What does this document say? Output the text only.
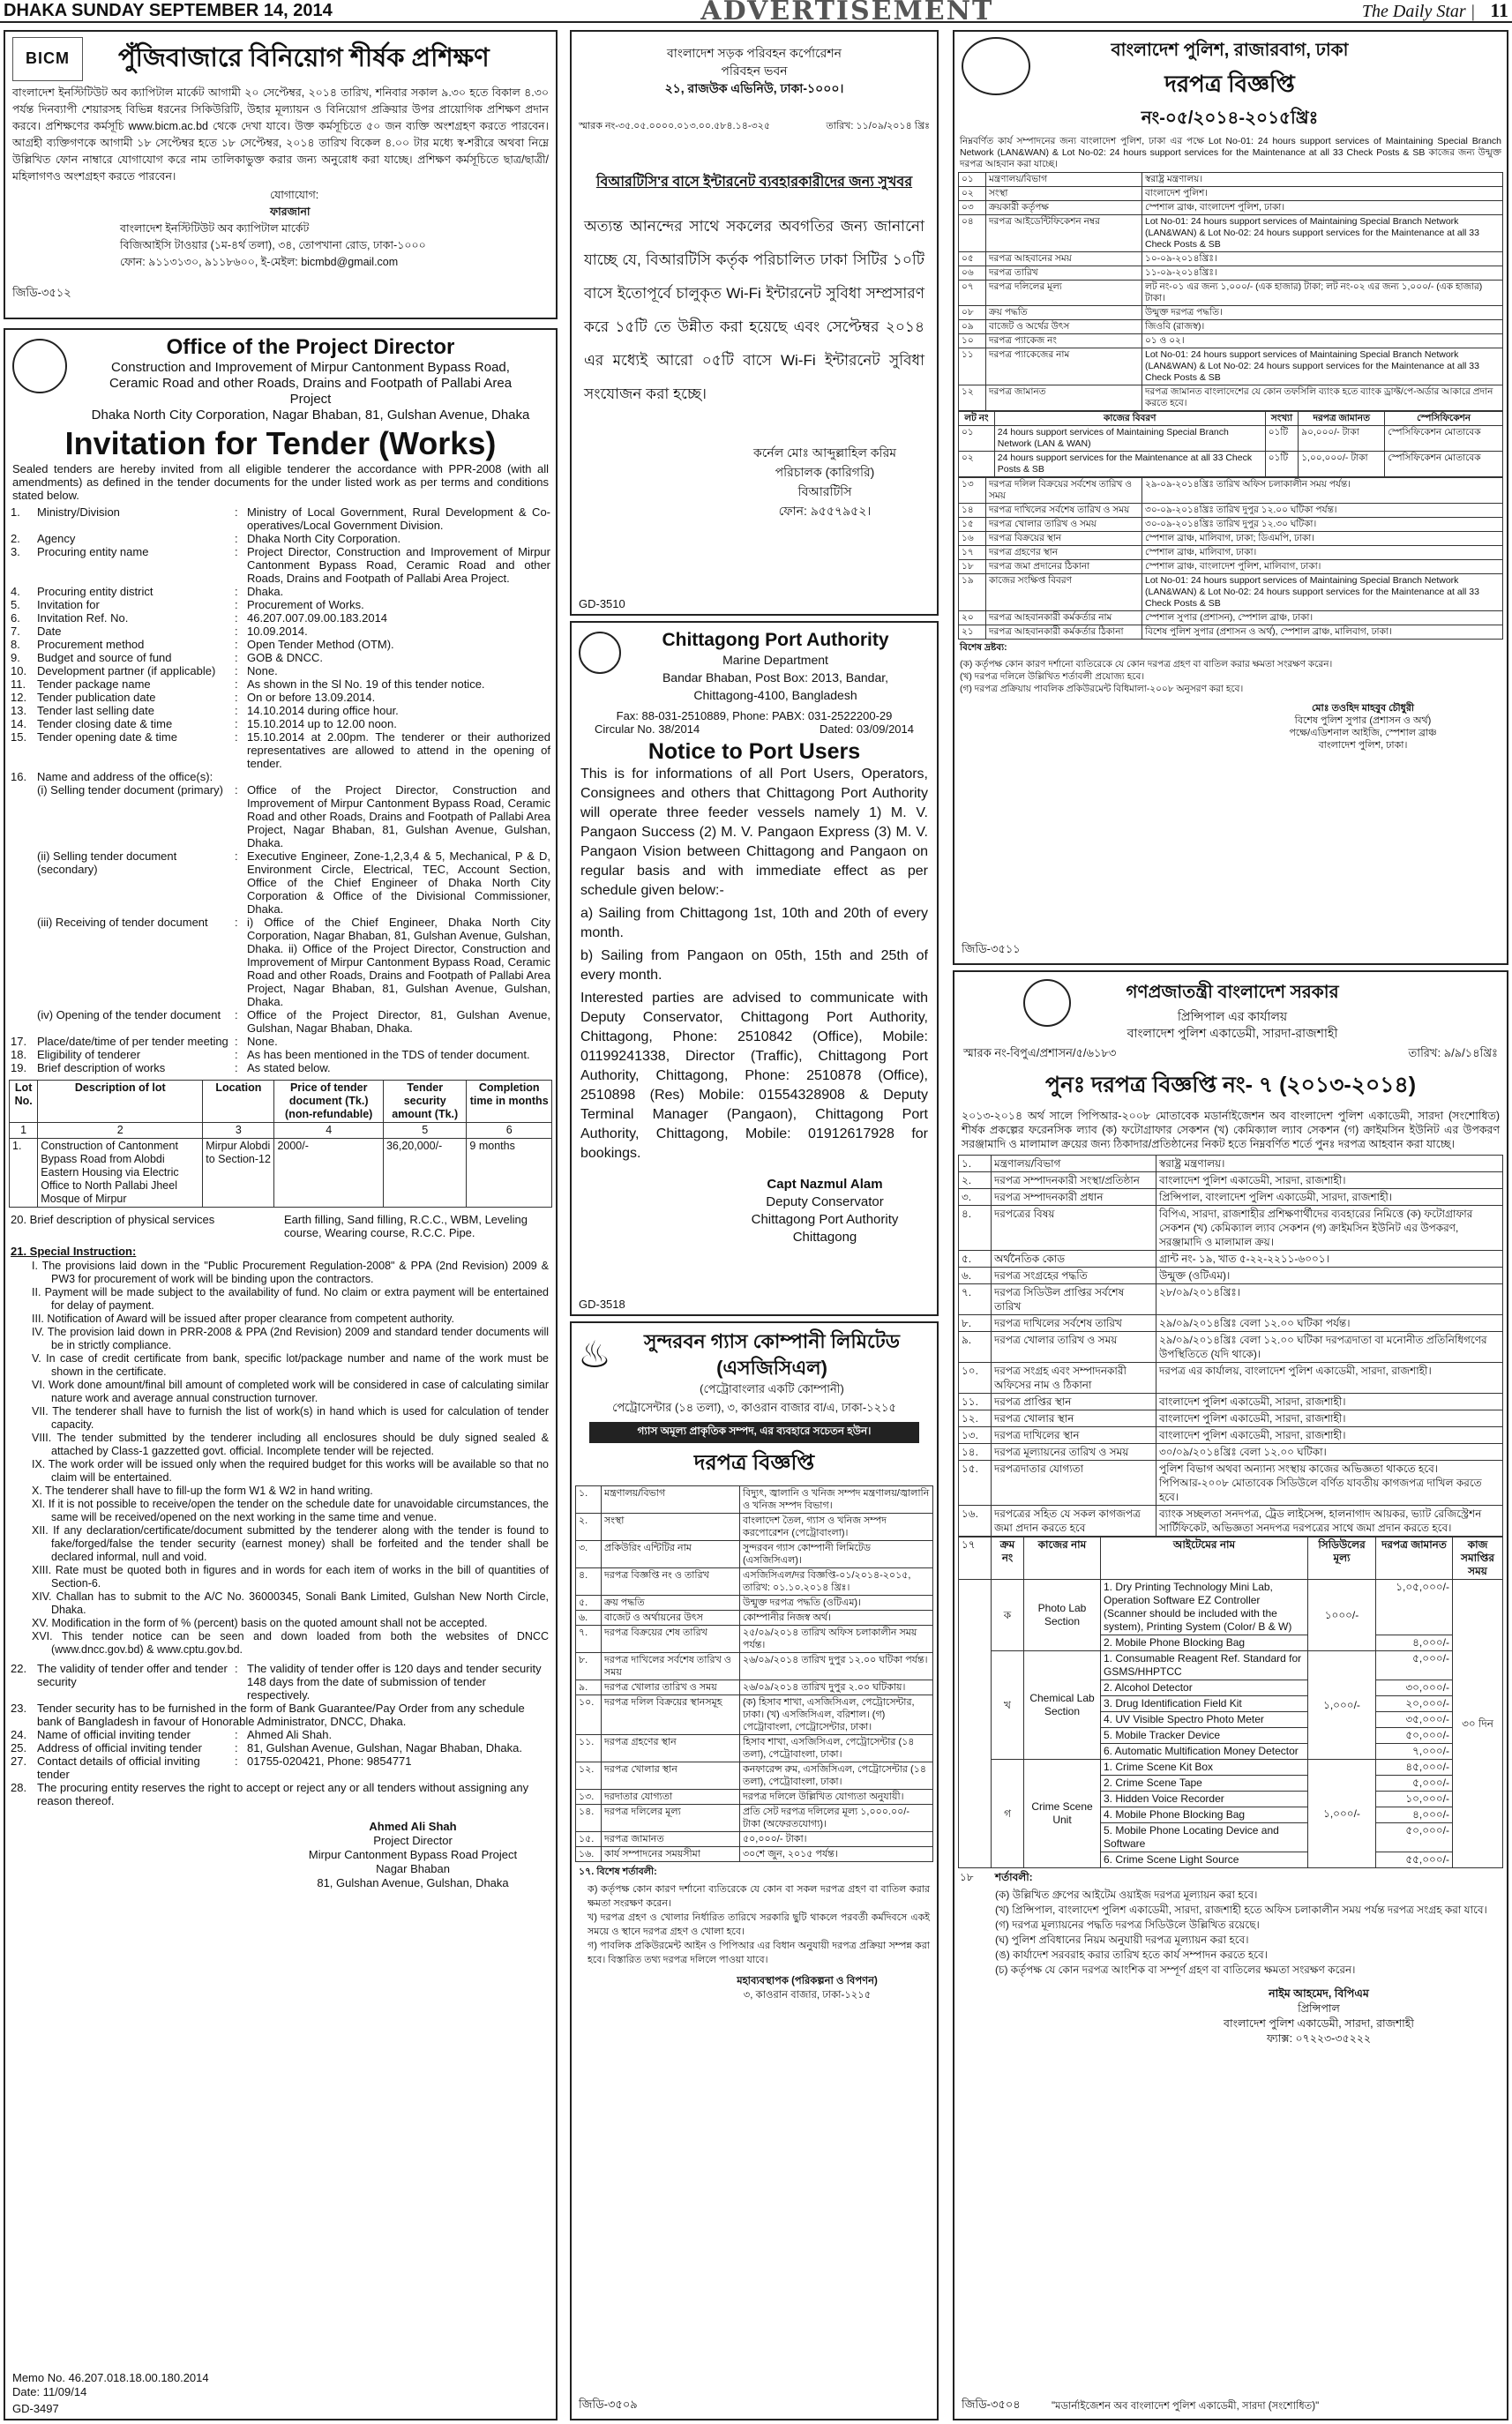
DHAKA SUNDAY SEPTEMBER 14, 2014	ADVERTISEMENT	The Daily Star | 11
BICM	পুঁজিবাজারে বিনিয়োগ শীর্ষক প্রশিক্ষণ
বাংলাদেশ ইনস্টিটিউট অব ক্যাপিটাল মার্কেট আগামী ২০ সেপ্টেম্বর, ২০১৪ তারিখ, শনিবার সকাল ৯.৩০ হতে বিকাল ৪.৩০ পর্যন্ত দিনব্যাপী শেয়ারসহ বিভিন্ন ধরনের সিকিউরিটি, উহার মূল্যায়ন ও বিনিয়োগ প্রক্রিয়ার উপর প্রায়োগিক প্রশিক্ষণ প্রদান করবে। প্রশিক্ষণের কর্মসূচি www.bicm.ac.bd থেকে দেখা যাবে। উক্ত কর্মসূচিতে ৫০ জন ব্যক্তি অংশগ্রহণ করতে পারবেন। আগ্রহী ব্যক্তিগণকে আগামী ১৮ সেপ্টেম্বর হতে ১৮ সেপ্টেম্বর, ২০১৪ তারিখ বিকেল ৪.০০ টার মধ্যে স্ব-শরীরে অথবা নিম্নে উল্লিখিত ফোন নাম্বারে যোগাযোগ করে নাম তালিকাভুক্ত করার জন্য অনুরোধ করা যাচ্ছে। প্রশিক্ষণ কর্মসূচিতে ছাত্র/ছাত্রী/মহিলাগণও অংশগ্রহণ করতে পারবেন।
যোগাযোগ:
ফারজানা
বাংলাদেশ ইনস্টিটিউট অব ক্যাপিটাল মার্কেট
বিজিআইসি টাওয়ার (১ম-৪র্থ তলা), ৩৪, তোপখানা রোড, ঢাকা-১০০০
ফোন: ৯১১৩১৩০, ৯১১৮৬০০, ই-মেইল: bicmbd@gmail.com
জিডি-৩৫১২
Office of the Project Director
Construction and Improvement of Mirpur Cantonment Bypass Road, Ceramic Road and other Roads, Drains and Footpath of Pallabi Area Project
Dhaka North City Corporation, Nagar Bhaban, 81, Gulshan Avenue, Dhaka
Invitation for Tender (Works)
Sealed tenders are hereby invited from all eligible tenderer the accordance with PPR-2008 (with all amendments) as defined in the tender documents for the under listed work as per terms and conditions stated below.
1.	Ministry/Division	:	Ministry of Local Government, Rural Development & Co-operatives/Local Government Division.
2.	Agency	:	Dhaka North City Corporation.
3.	Procuring entity name	:	Project Director, Construction and Improvement of Mirpur Cantonment Bypass Road, Ceramic Road and other Roads, Drains and Footpath of Pallabi Area Project.
4.	Procuring entity district	:	Dhaka.
5.	Invitation for	:	Procurement of Works.
6.	Invitation Ref. No.	:	46.207.007.09.00.183.2014
7.	Date	:	10.09.2014.
8.	Procurement method	:	Open Tender Method (OTM).
9.	Budget and source of fund	:	GOB & DNCC.
10.	Development partner (if applicable)	:	None.
11.	Tender package name	:	As shown in the Sl No. 19 of this tender notice.
12.	Tender publication date	:	On or before 13.09.2014.
13.	Tender last selling date	:	14.10.2014 during office hour.
14.	Tender closing date & time	:	15.10.2014 up to 12.00 noon.
15.	Tender opening date & time	:	15.10.2014 at 2.00pm. The tenderer or their authorized representatives are allowed to attend in the opening of tender.
16.	Name and address of the office(s):		
	(i) Selling tender document (primary)	:	Office of the Project Director, Construction and Improvement of Mirpur Cantonment Bypass Road, Ceramic Road and other Roads, Drains and Footpath of Pallabi Area Project, Nagar Bhaban, 81, Gulshan Avenue, Gulshan, Dhaka.
	(ii) Selling tender document (secondary)	:	Executive Engineer, Zone-1,2,3,4 & 5, Mechanical, P & D, Environment Circle, Electrical, TEC, Account Section, Office of the Chief Engineer of Dhaka North City Corporation & Office of the Divisional Commissioner, Dhaka.
	(iii) Receiving of tender document	:	i) Office of the Chief Engineer, Dhaka North City Corporation, Nagar Bhaban, 81, Gulshan Avenue, Gulshan, Dhaka. ii) Office of the Project Director, Construction and Improvement of Mirpur Cantonment Bypass Road, Ceramic Road and other Roads, Drains and Footpath of Pallabi Area Project, Nagar Bhaban, 81, Gulshan Avenue, Gulshan, Dhaka.
	(iv) Opening of the tender document	:	Office of the Project Director, 81, Gulshan Avenue, Gulshan, Nagar Bhaban, Dhaka.
17.	Place/date/time of per tender meeting	:	None.
18.	Eligibility of tenderer	:	As has been mentioned in the TDS of tender document.
19.	Brief description of works	:	As stated below.
Lot No.	Description of lot	Location	Price of tender document (Tk.) (non-refundable)	Tender security amount (Tk.)	Completion time in months
1	2	3	4	5	6
1.	Construction of Cantonment Bypass Road from Alobdi Eastern Housing via Electric Office to North Pallabi Jheel Mosque of Mirpur	Mirpur Alobdi to Section-12	2000/-	36,20,000/-	9 months
20. Brief description of physical services	Earth filling, Sand filling, R.C.C., WBM, Leveling course, Wearing course, R.C.C. Pipe.
21. Special Instruction:
I. The provisions laid down in the "Public Procurement Regulation-2008" & PPA (2nd Revision) 2009 & PW3 for procurement of work will be binding upon the contractors.
II. Payment will be made subject to the availability of fund. No claim or extra payment will be entertained for delay of payment.
III. Notification of Award will be issued after proper clearance from competent authority.
IV. The provision laid down in PRR-2008 & PPA (2nd Revision) 2009 and standard tender documents will be in strictly compliance.
V. In case of credit certificate from bank, specific lot/package number and name of the work must be shown in the certificate.
VI. Work done amount/final bill amount of completed work will be considered in case of calculating similar nature work and average annual construction turnover.
VII. The tenderer shall have to furnish the list of work(s) in hand which is used for calculation of tender capacity.
VIII. The tender submitted by the tenderer including all enclosures should be duly signed sealed & attached by Class-1 gazzetted govt. official. Incomplete tender will be rejected.
IX. The work order will be issued only when the required budget for this works will be available so that no claim will be entertained.
X. The tenderer shall have to fill-up the form W1 & W2 in hand writing.
XI. If it is not possible to receive/open the tender on the schedule date for unavoidable circumstances, the same will be received/opened on the next working in the same time and venue.
XII. If any declaration/certificate/document submitted by the tenderer along with the tender is found to fake/forged/false the tender security (earnest money) shall be forfeited and the tender shall be declared informal, null and void.
XIII. Rate must be quoted both in figures and in words for each item of works in the bill of quantities of Section-6.
XIV. Challan has to submit to the A/C No. 36000345, Sonali Bank Limited, Gulshan New North Circle, Dhaka.
XV. Modification in the form of % (percent) basis on the quoted amount shall not be accepted.
XVI. This tender notice can be seen and down loaded from both the websites of DNCC (www.dncc.gov.bd) & www.cptu.gov.bd.
22.	The validity of tender offer and tender security	:	The validity of tender offer is 120 days and tender security 148 days from the date of submission of tender respectively.
23.	Tender security has to be furnished in the form of Bank Guarantee/Pay Order from any schedule bank of Bangladesh in favour of Honorable Administrator, DNCC, Dhaka.		
24.	Name of official inviting tender	:	Ahmed Ali Shah.
25.	Address of official inviting tender	:	81, Gulshan Avenue, Gulshan, Nagar Bhaban, Dhaka.
27.	Contact details of official inviting tender	:	01755-020421, Phone: 9854771
28.	The procuring entity reserves the right to accept or reject any or all tenders without assigning any reason thereof.		
Ahmed Ali Shah
Project Director
Mirpur Cantonment Bypass Road Project
Nagar Bhaban
81, Gulshan Avenue, Gulshan, Dhaka
Memo No. 46.207.018.18.00.180.2014
Date: 11/09/14
GD-3497
বাংলাদেশ সড়ক পরিবহন কর্পোরেশন
পরিবহন ভবন
২১, রাজউক এভিনিউ, ঢাকা-১০০০।
স্মারক নং-৩৫.০৫.০০০০.০১৩.০০.৫৮৪.১৪-৩২৫	তারিখ: ১১/০৯/২০১৪ খ্রিঃ
বিআরটিসি'র বাসে ইন্টারনেট ব্যবহারকারীদের জন্য সুখবর
অত্যন্ত আনন্দের সাথে সকলের অবগতির জন্য জানানো যাচ্ছে যে, বিআরটিসি কর্তৃক পরিচালিত ঢাকা সিটির ১০টি বাসে ইতোপূর্বে চালুকৃত Wi-Fi ইন্টারনেট সুবিধা সম্প্রসারণ করে ১৫টি তে উন্নীত করা হয়েছে এবং সেপ্টেম্বর ২০১৪ এর মধ্যেই আরো ০৫টি বাসে Wi-Fi ইন্টারনেট সুবিধা সংযোজন করা হচ্ছে।
কর্নেল মোঃ আব্দুল্লাহিল করিম
পরিচালক (কারিগরি)
বিআরটিসি
ফোন: ৯৫৫৭৯৫২।
GD-3510
Chittagong Port Authority
Marine Department
Bandar Bhaban, Post Box: 2013, Bandar,
Chittagong-4100, Bangladesh
Fax: 88-031-2510889, Phone: PABX: 031-2522200-29
Circular No. 38/2014	Dated: 03/09/2014
Notice to Port Users
This is for informations of all Port Users, Operators, Consignees and others that Chittagong Port Authority will operate three feeder vessels namely 1) M. V. Pangaon Success (2) M. V. Pangaon Express (3) M. V. Pangaon Vision between Chittagong and Pangaon on regular basis and with immediate effect as per schedule given below:-
a) Sailing from Chittagong 1st, 10th and 20th of every month.
b) Sailing from Pangaon on 05th, 15th and 25th of every month.
Interested parties are advised to communicate with Deputy Conservator, Chittagong Port Authority, Chittagong, Phone: 2510842 (Office), Mobile: 01199241338, Director (Traffic), Chittagong Port Authority, Chittagong, Phone: 2510878 (Office), 2510898 (Res) Mobile: 01554328908 & Deputy Terminal Manager (Pangaon), Chittagong Port Authority, Chittagong, Mobile: 01912617928 for bookings.
Capt Nazmul Alam
Deputy Conservator
Chittagong Port Authority
Chittagong
GD-3518
♨	সুন্দরবন গ্যাস কোম্পানী লিমিটেড (এসজিসিএল)
(পেট্রোবাংলার একটি কোম্পানী)
পেট্রোসেন্টার (১৪ তলা), ৩, কাওরান বাজার বা/এ, ঢাকা-১২১৫
গ্যাস অমূল্য প্রাকৃতিক সম্পদ, এর ব্যবহারে সচেতন হউন।
দরপত্র বিজ্ঞপ্তি
১.	মন্ত্রণালয়/বিভাগ	বিদ্যুৎ, জ্বালানি ও খনিজ সম্পদ মন্ত্রণালয়/জ্বালানি ও খনিজ সম্পদ বিভাগ।
২.	সংস্থা	বাংলাদেশ তৈল, গ্যাস ও খনিজ সম্পদ করপোরেশন (পেট্রোবাংলা)।
৩.	প্রকিউরিং এন্টিটির নাম	সুন্দরবন গ্যাস কোম্পানী লিমিটেড (এসজিসিএল)।
৪.	দরপত্র বিজ্ঞপ্তি নং ও তারিখ	এসজিসিএল/দর বিজ্ঞপ্তি-০১/২০১৪-২০১৫, তারিখ: ০১.১০.২০১৪ খ্রিঃ।
৫.	ক্রয় পদ্ধতি	উন্মুক্ত দরপত্র পদ্ধতি (ওটিএম)।
৬.	বাজেট ও অর্থায়নের উৎস	কোম্পানীর নিজস্ব অর্থ।
৭.	দরপত্র বিক্রয়ের শেষ তারিখ	২৫/০৯/২০১৪ তারিখ অফিস চলাকালীন সময় পর্যন্ত।
৮.	দরপত্র দাখিলের সর্বশেষ তারিখ ও সময়	২৬/০৯/২০১৪ তারিখ দুপুর ১২.০০ ঘটিকা পর্যন্ত।
৯.	দরপত্র খোলার তারিখ ও সময়	২৬/০৯/২০১৪ তারিখ দুপুর ২.০০ ঘটিকায়।
১০.	দরপত্র দলিল বিক্রয়ের স্থানসমূহ	(ক) হিসাব শাখা, এসজিসিএল, পেট্রোসেন্টার, ঢাকা। (খ) এসজিসিএল, বরিশাল। (গ) পেট্রোবাংলা, পেট্রোসেন্টার, ঢাকা।
১১.	দরপত্র গ্রহণের স্থান	হিসাব শাখা, এসজিসিএল, পেট্রোসেন্টার (১৪ তলা), পেট্রোবাংলা, ঢাকা।
১২.	দরপত্র খোলার স্থান	কনফারেন্স রুম, এসজিসিএল, পেট্রোসেন্টার (১৪ তলা), পেট্রোবাংলা, ঢাকা।
১৩.	দরদাতার যোগ্যতা	দরপত্র দলিলে উল্লিখিত যোগ্যতা অনুযায়ী।
১৪.	দরপত্র দলিলের মূল্য	প্রতি সেট দরপত্র দলিলের মূল্য ১,০০০.০০/- টাকা (অফেরতযোগ্য)।
১৫.	দরপত্র জামানত	৫০,০০০/- টাকা।
১৬.	কার্য সম্পাদনের সময়সীমা	৩০শে জুন, ২০১৫ পর্যন্ত।
১৭. বিশেষ শর্তাবলী:
ক) কর্তৃপক্ষ কোন কারণ দর্শানো ব্যতিরেকে যে কোন বা সকল দরপত্র গ্রহণ বা বাতিল করার ক্ষমতা সংরক্ষণ করেন।
খ) দরপত্র গ্রহণ ও খোলার নির্ধারিত তারিখে সরকারি ছুটি থাকলে পরবর্তী কর্মদিবসে একই সময়ে ও স্থানে দরপত্র গ্রহণ ও খোলা হবে।
গ) পাবলিক প্রকিউরমেন্ট আইন ও পিপিআর এর বিধান অনুযায়ী দরপত্র প্রক্রিয়া সম্পন্ন করা হবে। বিস্তারিত তথ্য দরপত্র দলিলে পাওয়া যাবে।
মহাব্যবস্থাপক (পরিকল্পনা ও বিপণন)
৩, কাওরান বাজার, ঢাকা-১২১৫
জিডি-৩৫০৯
বাংলাদেশ পুলিশ, রাজারবাগ, ঢাকা
দরপত্র বিজ্ঞপ্তি
নং-০৫/২০১৪-২০১৫খ্রিঃ
নিম্নবর্ণিত কার্য সম্পাদনের জন্য বাংলাদেশ পুলিশ, ঢাকা এর পক্ষে Lot No-01: 24 hours support services of Maintaining Special Branch Network (LAN&WAN) & Lot No-02: 24 hours support services for the Maintenance at all 33 Check Posts & SB কাজের জন্য উন্মুক্ত দরপত্র আহবান করা যাচ্ছে।
০১	মন্ত্রণালয়/বিভাগ	স্বরাষ্ট্র মন্ত্রণালয়।
০২	সংস্থা	বাংলাদেশ পুলিশ।
০৩	ক্রয়কারী কর্তৃপক্ষ	স্পেশাল ব্রাঞ্চ, বাংলাদেশ পুলিশ, ঢাকা।
০৪	দরপত্র আইডেন্টিফিকেশন নম্বর	Lot No-01: 24 hours support services of Maintaining Special Branch Network (LAN&WAN) & Lot No-02: 24 hours support services for the Maintenance at all 33 Check Posts & SB
০৫	দরপত্র আহবানের সময়	১০-০৯-২০১৪খ্রিঃ।
০৬	দরপত্র তারিখ	১১-০৯-২০১৪খ্রিঃ।
০৭	দরপত্র দলিলের মূল্য	লট নং-০১ এর জন্য ১,০০০/- (এক হাজার) টাকা; লট নং-০২ এর জন্য ১,০০০/- (এক হাজার) টাকা।
০৮	ক্রয় পদ্ধতি	উন্মুক্ত দরপত্র পদ্ধতি।
০৯	বাজেট ও অর্থের উৎস	জিওবি (রাজস্ব)।
১০	দরপত্র প্যাকেজ নং	০১ ও ০২।
১১	দরপত্র প্যাকেজের নাম	Lot No-01: 24 hours support services of Maintaining Special Branch Network (LAN&WAN) & Lot No-02: 24 hours support services for the Maintenance at all 33 Check Posts & SB
১২	দরপত্র জামানত	দরপত্র জামানত বাংলাদেশের যে কোন তফসিলি ব্যাংক হতে ব্যাংক ড্রাফ্ট/পে-অর্ডার আকারে প্রদান করতে হবে।
লট নং	কাজের বিবরণ	সংখ্যা	দরপত্র জামানত	স্পেসিফিকেশন
০১	24 hours support services of Maintaining Special Branch Network (LAN & WAN)	০১টি	৯০,০০০/- টাকা	স্পেসিফিকেশন মোতাবেক
০২	24 hours support services for the Maintenance at all 33 Check Posts & SB	০১টি	১,০০,০০০/- টাকা	স্পেসিফিকেশন মোতাবেক
১৩	দরপত্র দলিল বিক্রয়ের সর্বশেষ তারিখ ও সময়	২৯-০৯-২০১৪খ্রিঃ তারিখ অফিস চলাকালীন সময় পর্যন্ত।
১৪	দরপত্র দাখিলের সর্বশেষ তারিখ ও সময়	৩০-০৯-২০১৪খ্রিঃ তারিখ দুপুর ১২.০০ ঘটিকা পর্যন্ত।
১৫	দরপত্র খোলার তারিখ ও সময়	৩০-০৯-২০১৪খ্রিঃ তারিখ দুপুর ১২.৩০ ঘটিকা।
১৬	দরপত্র বিক্রয়ের স্থান	স্পেশাল ব্রাঞ্চ, মালিবাগ, ঢাকা; ডিএমপি, ঢাকা।
১৭	দরপত্র গ্রহণের স্থান	স্পেশাল ব্রাঞ্চ, মালিবাগ, ঢাকা।
১৮	দরপত্র জমা প্রদানের ঠিকানা	স্পেশাল ব্রাঞ্চ, বাংলাদেশ পুলিশ, মালিবাগ, ঢাকা।
১৯	কাজের সংক্ষিপ্ত বিবরণ	Lot No-01: 24 hours support services of Maintaining Special Branch Network (LAN&WAN) & Lot No-02: 24 hours support services for the Maintenance at all 33 Check Posts & SB
২০	দরপত্র আহবানকারী কর্মকর্তার নাম	স্পেশাল সুপার (প্রশাসন), স্পেশাল ব্রাঞ্চ, ঢাকা।
২১	দরপত্র আহবানকারী কর্মকর্তার ঠিকানা	বিশেষ পুলিশ সুপার (প্রশাসন ও অর্থ), স্পেশাল ব্রাঞ্চ, মালিবাগ, ঢাকা।
বিশেষ দ্রষ্টব্য:
(ক) কর্তৃপক্ষ কোন কারণ দর্শানো ব্যতিরেকে যে কোন দরপত্র গ্রহণ বা বাতিল করার ক্ষমতা সংরক্ষণ করেন।
(খ) দরপত্র দলিলে উল্লিখিত শর্তাবলী প্রযোজ্য হবে।
(গ) দরপত্র প্রক্রিয়ায় পাবলিক প্রকিউরমেন্ট বিধিমালা-২০০৮ অনুসরণ করা হবে।
মোঃ তওহিদ মাহবুব চৌধুরী
বিশেষ পুলিশ সুপার (প্রশাসন ও অর্থ)
পক্ষে/এডিশনাল আইজি, স্পেশাল ব্রাঞ্চ
বাংলাদেশ পুলিশ, ঢাকা।
জিডি-৩৫১১
গণপ্রজাতন্ত্রী বাংলাদেশ সরকার
প্রিন্সিপাল এর কার্যালয়
বাংলাদেশ পুলিশ একাডেমী, সারদা-রাজশাহী
স্মারক নং-বিপুএ/প্রশাসন/৫/৬১৮৩	তারিখ: ৯/৯/১৪খ্রিঃ
পুনঃ দরপত্র বিজ্ঞপ্তি নং- ৭ (২০১৩-২০১৪)
২০১৩-২০১৪ অর্থ সালে পিপিআর-২০০৮ মোতাবেক মডার্নাইজেশন অব বাংলাদেশ পুলিশ একাডেমী, সারদা (সংশোধিত) শীর্ষক প্রকল্পের ফরেনসিক ল্যাব (ক) ফটোগ্রাফার সেকশন (খ) কেমিক্যাল ল্যাব সেকশন (গ) ক্রাইমসিন ইউনিট এর উপকরণ সরঞ্জামাদি ও মালামাল ক্রয়ের জন্য ঠিকাদার/প্রতিষ্ঠানের নিকট হতে নিম্নবর্ণিত শর্তে পুনঃ দরপত্র আহবান করা যাচ্ছে।
১.	মন্ত্রণালয়/বিভাগ	স্বরাষ্ট্র মন্ত্রণালয়।
২.	দরপত্র সম্পাদনকারী সংস্থা/প্রতিষ্ঠান	বাংলাদেশ পুলিশ একাডেমী, সারদা, রাজশাহী।
৩.	দরপত্র সম্পাদনকারী প্রধান	প্রিন্সিপাল, বাংলাদেশ পুলিশ একাডেমী, সারদা, রাজশাহী।
৪.	দরপত্রের বিষয়	বিপিএ, সারদা, রাজশাহীর প্রশিক্ষণার্থীদের ব্যবহারের নিমিত্তে (ক) ফটোগ্রাফার সেকশন (খ) কেমিক্যাল ল্যাব সেকশন (গ) ক্রাইমসিন ইউনিট এর উপকরণ, সরঞ্জামাদি ও মালামাল ক্রয়।
৫.	অর্থনৈতিক কোড	গ্রান্ট নং- ১৯, খাত ৫-২২-২২১১-৬০০১।
৬.	দরপত্র সংগ্রহের পদ্ধতি	উন্মুক্ত (ওটিএম)।
৭.	দরপত্র সিডিউল প্রাপ্তির সর্বশেষ তারিখ	২৮/০৯/২০১৪খ্রিঃ।
৮.	দরপত্র দাখিলের সর্বশেষ তারিখ	২৯/০৯/২০১৪খ্রিঃ বেলা ১২.০০ ঘটিকা পর্যন্ত।
৯.	দরপত্র খোলার তারিখ ও সময়	২৯/০৯/২০১৪খ্রিঃ বেলা ১২.০০ ঘটিকা দরপত্রদাতা বা মনোনীত প্রতিনিধিগণের উপস্থিতিতে (যদি থাকে)।
১০.	দরপত্র সংগ্রহ এবং সম্পাদনকারী অফিসের নাম ও ঠিকানা	দরপত্র এর কার্যালয়, বাংলাদেশ পুলিশ একাডেমী, সারদা, রাজশাহী।
১১.	দরপত্র প্রাপ্তির স্থান	বাংলাদেশ পুলিশ একাডেমী, সারদা, রাজশাহী।
১২.	দরপত্র খোলার স্থান	বাংলাদেশ পুলিশ একাডেমী, সারদা, রাজশাহী।
১৩.	দরপত্র দাখিলের স্থান	বাংলাদেশ পুলিশ একাডেমী, সারদা, রাজশাহী।
১৪.	দরপত্র মূল্যায়নের তারিখ ও সময়	৩০/০৯/২০১৪খ্রিঃ বেলা ১২.০০ ঘটিকা।
১৫.	দরপত্রদাতার যোগ্যতা	পুলিশ বিভাগ অথবা অন্যান্য সংস্থায় কাজের অভিজ্ঞতা থাকতে হবে। পিপিআর-২০০৮ মোতাবেক সিডিউলে বর্ণিত যাবতীয় কাগজপত্র দাখিল করতে হবে।
১৬.	দরপত্রের সহিত যে সকল কাগজপত্র জমা প্রদান করতে হবে	ব্যাংক সচ্ছলতা সনদপত্র, ট্রেড লাইসেন্স, হালনাগাদ আয়কর, ভ্যাট রেজিস্ট্রেশন সার্টিফিকেট, অভিজ্ঞতা সনদপত্র দরপত্রের সাথে জমা প্রদান করতে হবে।
১৭	ক্রম নং	কাজের নাম	আইটেমের নাম	সিডিউলের মূল্য	দরপত্র জামানত	কাজ সমাপ্তির সময়
	ক	Photo Lab Section	1. Dry Printing Technology Mini Lab, Operation Software EZ Controller (Scanner should be included with the system), Printing System (Color/ B & W)	১০০০/-	১,০৫,০০০/-	৩০ দিন
			2. Mobile Phone Blocking Bag		৪,০০০/-	
	খ	Chemical Lab Section	1. Consumable Reagent Ref. Standard for GSMS/HHPTCC	১,০০০/-	৫,০০০/-	
			2. Alcohol Detector		৩০,০০০/-	
			3. Drug Identification Field Kit		২০,০০০/-	
			4. UV Visible Spectro Photo Meter		৩৫,০০০/-	
			5. Mobile Tracker Device		৫০,০০০/-	
			6. Automatic Multification Money Detector		৭,০০০/-	
	গ	Crime Scene Unit	1. Crime Scene Kit Box	১,০০০/-	৪৫,০০০/-	
			2. Crime Scene Tape		৫,০০০/-	
			3. Hidden Voice Recorder		১০,০০০/-	
			4. Mobile Phone Blocking Bag		৪,০০০/-	
			5. Mobile Phone Locating Device and Software		৫০,০০০/-	
			6. Crime Scene Light Source		৫৫,০০০/-	
১৮	শর্তাবলী:
(ক) উল্লিখিত গ্রুপের আইটেম ওয়াইজ দরপত্র মূল্যায়ন করা হবে।
(খ) প্রিন্সিপাল, বাংলাদেশ পুলিশ একাডেমী, সারদা, রাজশাহী হতে অফিস চলাকালীন সময় পর্যন্ত দরপত্র সংগ্রহ করা যাবে।
(গ) দরপত্র মূল্যায়নের পদ্ধতি দরপত্র সিডিউলে উল্লিখিত রয়েছে।
(ঘ) পুলিশ প্রবিধানের নিয়ম অনুযায়ী দরপত্র মূল্যায়ন করা হবে।
(ঙ) কার্যাদেশ সরবরাহ করার তারিখ হতে কার্য সম্পাদন করতে হবে।
(চ) কর্তৃপক্ষ যে কোন দরপত্র আংশিক বা সম্পূর্ণ গ্রহণ বা বাতিলের ক্ষমতা সংরক্ষণ করেন।
নাইম আহমেদ, বিপিএম
প্রিন্সিপাল
বাংলাদেশ পুলিশ একাডেমী, সারদা, রাজশাহী
ফ্যাক্স: ০৭২২৩-৩৫২২২
"মডার্নাইজেশন অব বাংলাদেশ পুলিশ একাডেমী, সারদা (সংশোধিত)"
জিডি-৩৫০৪
